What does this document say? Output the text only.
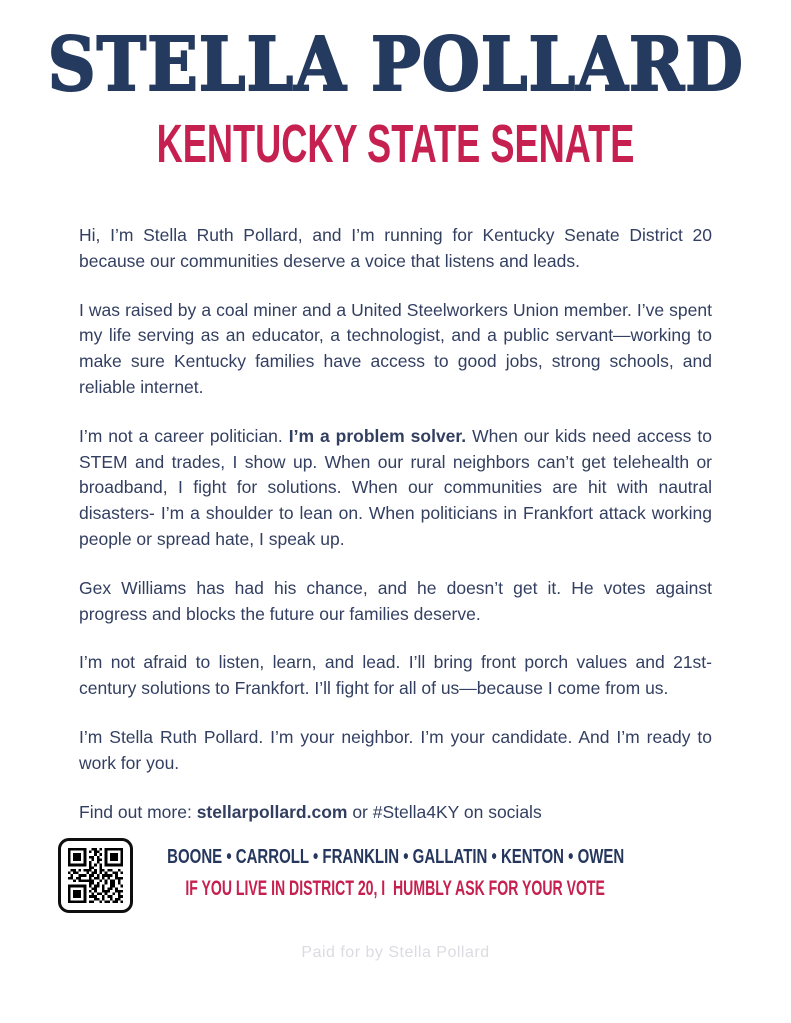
STELLA POLLARD
KENTUCKY STATE SENATE

Hi, I’m Stella Ruth Pollard, and I’m running for Kentucky Senate District 20 because our communities deserve a voice that listens and leads.

I was raised by a coal miner and a United Steelworkers Union member. I’ve spent my life serving as an educator, a technologist, and a public servant—working to make sure Kentucky families have access to good jobs, strong schools, and reliable internet.

I’m not a career politician. I’m a problem solver. When our kids need access to STEM and trades, I show up. When our rural neighbors can’t get telehealth or broadband, I fight for solutions. When our communities are hit with nautral disasters- I’m a shoulder to lean on. When politicians in Frankfort attack working people or spread hate, I speak up.

Gex Williams has had his chance, and he doesn’t get it. He votes against progress and blocks the future our families deserve.

I’m not afraid to listen, learn, and lead. I’ll bring front porch values and 21st-century solutions to Frankfort. I’ll fight for all of us—because I come from us.

I’m Stella Ruth Pollard. I’m your neighbor. I’m your candidate. And I’m ready to work for you.

Find out more: stellarpollard.com or #Stella4KY on socials

BOONE • CARROLL • FRANKLIN • GALLATIN • KENTON • OWEN
IF YOU LIVE IN DISTRICT 20, I  HUMBLY ASK FOR YOUR VOTE
Paid for by Stella Pollard
